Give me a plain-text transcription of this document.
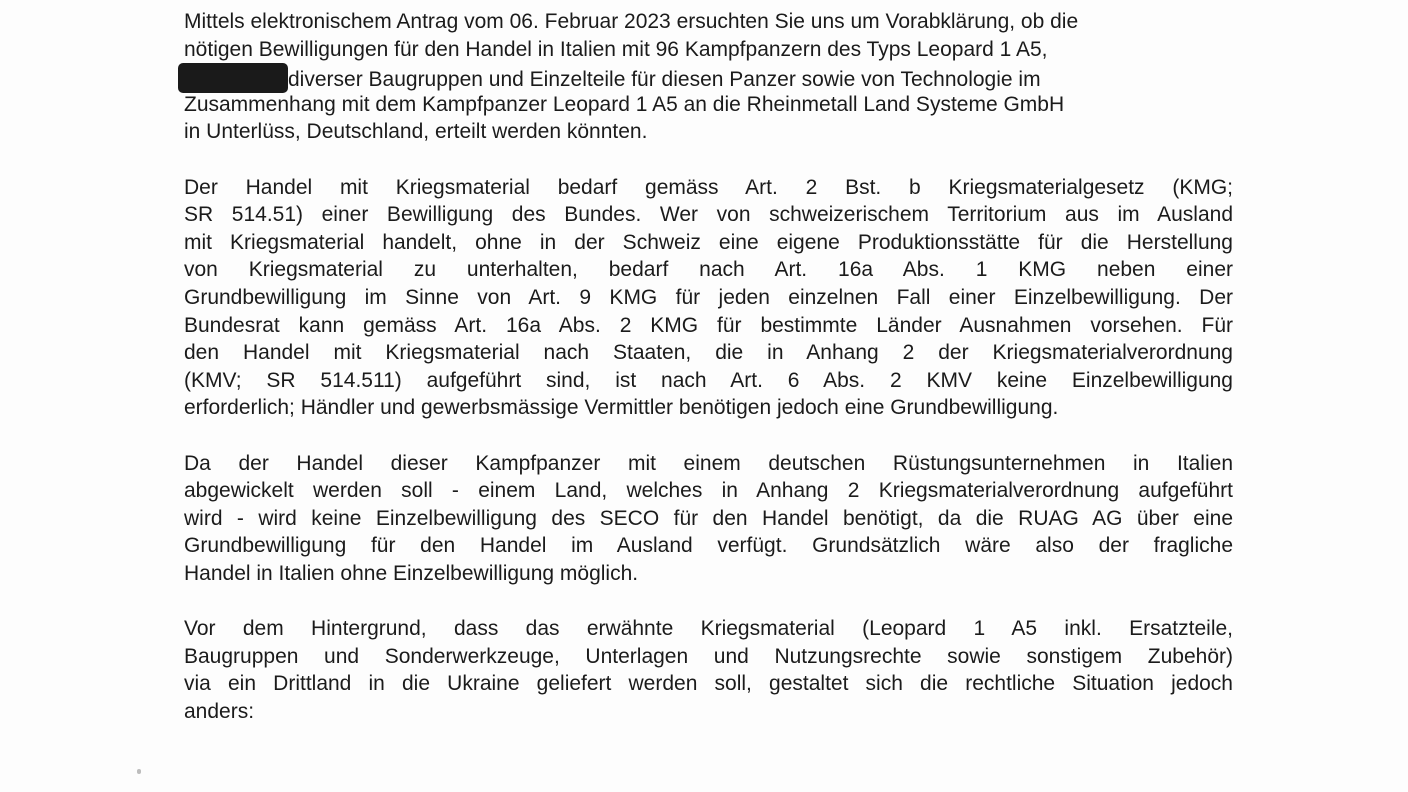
Mittels elektronischem Antrag vom 06. Februar 2023 ersuchten Sie uns um Vorabklärung, ob die
nötigen Bewilligungen für den Handel in Italien mit 96 Kampfpanzern des Typs Leopard 1 A5,
diverser Baugruppen und Einzelteile für diesen Panzer sowie von Technologie im
Zusammenhang mit dem Kampfpanzer Leopard 1 A5 an die Rheinmetall Land Systeme GmbH
in Unterlüss, Deutschland, erteilt werden könnten.

Der Handel mit Kriegsmaterial bedarf gemäss Art. 2 Bst. b Kriegsmaterialgesetz (KMG;
SR 514.51) einer Bewilligung des Bundes. Wer von schweizerischem Territorium aus im Ausland
mit Kriegsmaterial handelt, ohne in der Schweiz eine eigene Produktionsstätte für die Herstellung
von Kriegsmaterial zu unterhalten, bedarf nach Art. 16a Abs. 1 KMG neben einer
Grundbewilligung im Sinne von Art. 9 KMG für jeden einzelnen Fall einer Einzelbewilligung. Der
Bundesrat kann gemäss Art. 16a Abs. 2 KMG für bestimmte Länder Ausnahmen vorsehen. Für
den Handel mit Kriegsmaterial nach Staaten, die in Anhang 2 der Kriegsmaterialverordnung
(KMV; SR 514.511) aufgeführt sind, ist nach Art. 6 Abs. 2 KMV keine Einzelbewilligung
erforderlich; Händler und gewerbsmässige Vermittler benötigen jedoch eine Grundbewilligung.

Da der Handel dieser Kampfpanzer mit einem deutschen Rüstungsunternehmen in Italien
abgewickelt werden soll - einem Land, welches in Anhang 2 Kriegsmaterialverordnung aufgeführt
wird - wird keine Einzelbewilligung des SECO für den Handel benötigt, da die RUAG AG über eine
Grundbewilligung für den Handel im Ausland verfügt. Grundsätzlich wäre also der fragliche
Handel in Italien ohne Einzelbewilligung möglich.

Vor dem Hintergrund, dass das erwähnte Kriegsmaterial (Leopard 1 A5 inkl. Ersatzteile,
Baugruppen und Sonderwerkzeuge, Unterlagen und Nutzungsrechte sowie sonstigem Zubehör)
via ein Drittland in die Ukraine geliefert werden soll, gestaltet sich die rechtliche Situation jedoch
anders:
